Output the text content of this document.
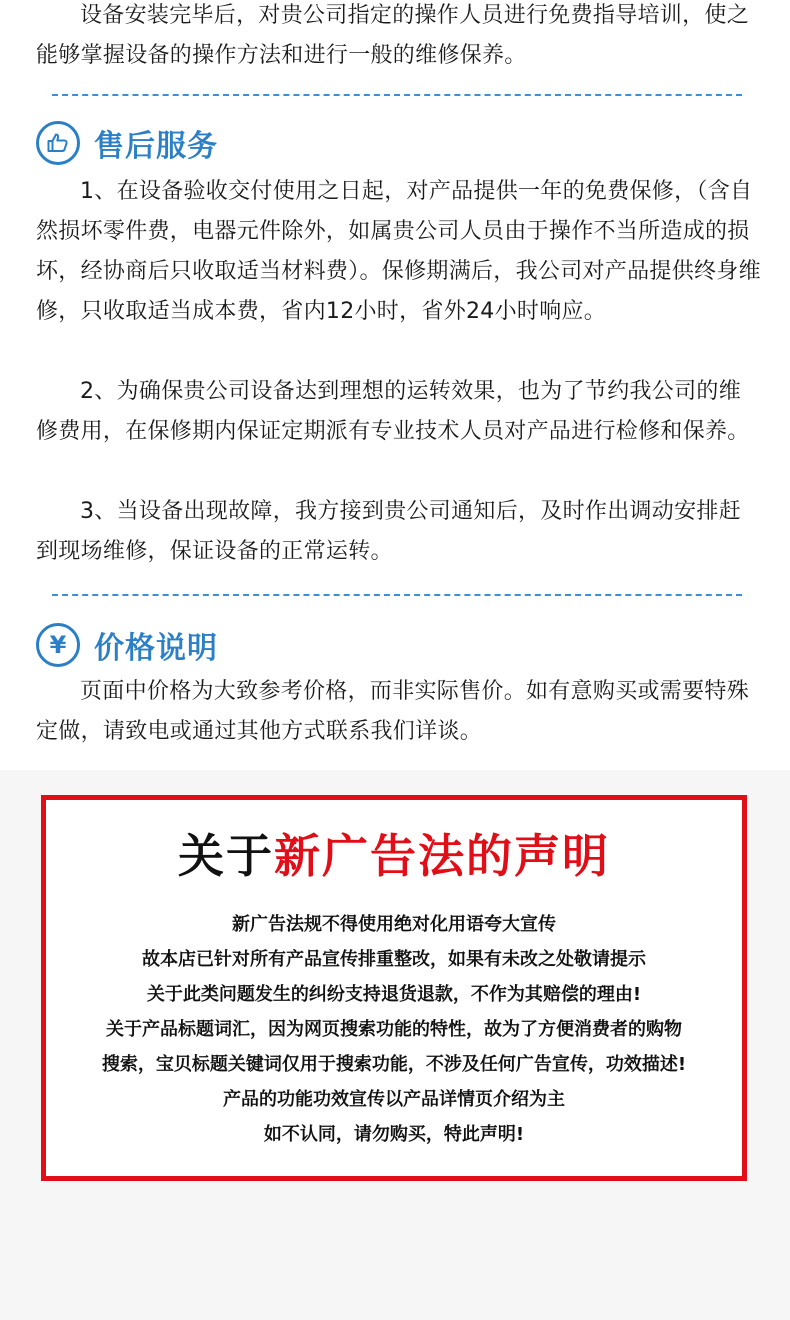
设备安装完毕后，对贵公司指定的操作人员进行免费指导培训，使之能够掌握设备的操作方法和进行一般的维修保养。

售后服务

1、在设备验收交付使用之日起，对产品提供一年的免费保修，（含自然损坏零件费，电器元件除外，如属贵公司人员由于操作不当所造成的损坏，经协商后只收取适当材料费）。保修期满后，我公司对产品提供终身维修，只收取适当成本费，省内12小时，省外24小时响应。

2、为确保贵公司设备达到理想的运转效果，也为了节约我公司的维修费用，在保修期内保证定期派有专业技术人员对产品进行检修和保养。

3、当设备出现故障，我方接到贵公司通知后，及时作出调动安排赶到现场维修，保证设备的正常运转。

¥ 价格说明

页面中价格为大致参考价格，而非实际售价。如有意购买或需要特殊定做，请致电或通过其他方式联系我们详谈。

关于新广告法的声明
新广告法规不得使用绝对化用语夸大宣传
故本店已针对所有产品宣传排重整改，如果有未改之处敬请提示
关于此类问题发生的纠纷支持退货退款，不作为其赔偿的理由!
关于产品标题词汇，因为网页搜索功能的特性，故为了方便消费者的购物
搜索，宝贝标题关键词仅用于搜索功能，不涉及任何广告宣传，功效描述!
产品的功能功效宣传以产品详情页介绍为主
如不认同，请勿购买，特此声明!
